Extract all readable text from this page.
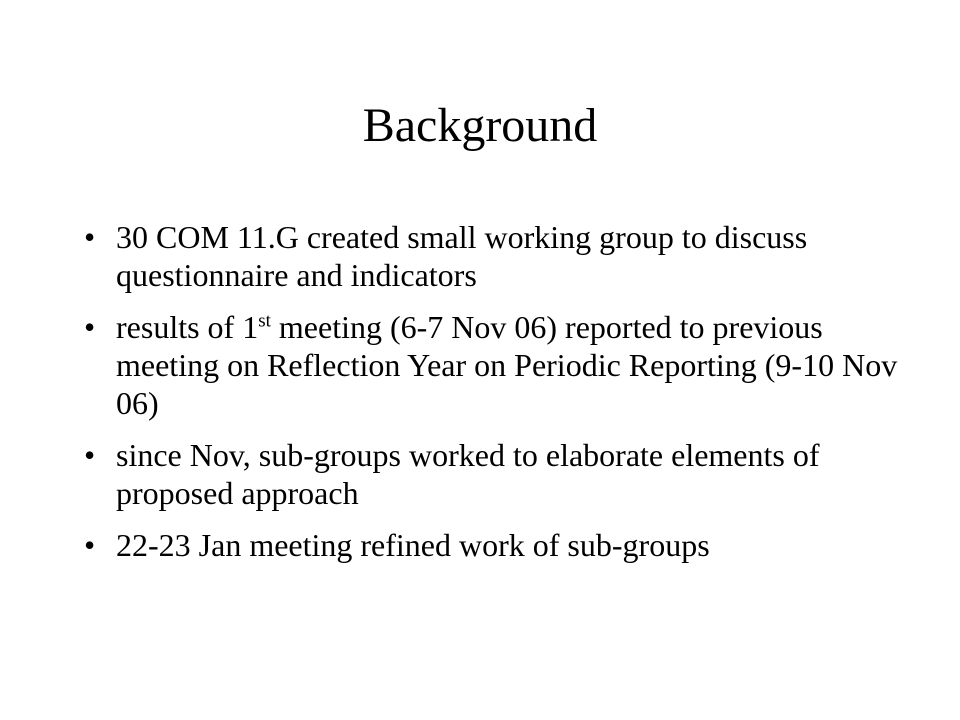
Background
• 30 COM 11.G created small working group to discuss questionnaire and indicators
• results of 1st meeting (6-7 Nov 06) reported to previous meeting on Reflection Year on Periodic Reporting (9-10 Nov 06)
• since Nov, sub-groups worked to elaborate elements of proposed approach
• 22-23 Jan meeting refined work of sub-groups
